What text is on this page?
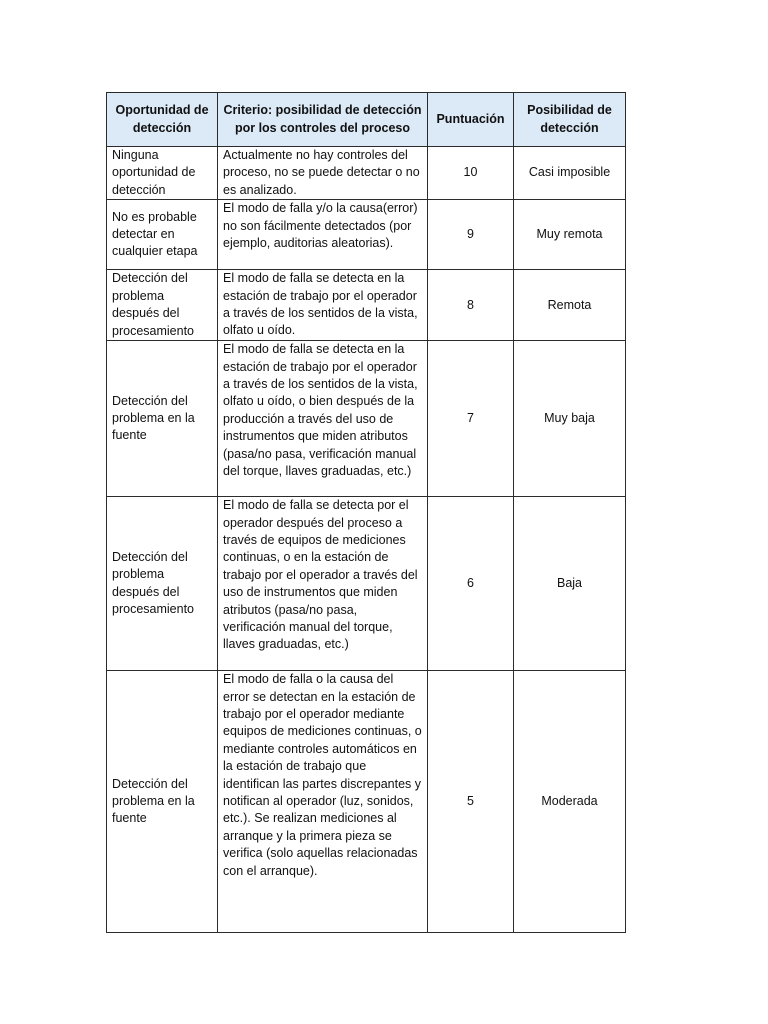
Oportunidad de detección	Criterio: posibilidad de detección por los controles del proceso	Puntuación	Posibilidad de detección
Ninguna oportunidad de detección	Actualmente no hay controles del proceso, no se puede detectar o no es analizado.	10	Casi imposible
No es probable detectar en cualquier etapa	El modo de falla y/o la causa(error) no son fácilmente detectados (por ejemplo, auditorias aleatorias).	9	Muy remota
Detección del problema después del procesamiento	El modo de falla se detecta en la estación de trabajo por el operador a través de los sentidos de la vista, olfato u oído.	8	Remota
Detección del problema en la fuente	El modo de falla se detecta en la estación de trabajo por el operador a través de los sentidos de la vista, olfato u oído, o bien después de la producción a través del uso de instrumentos que miden atributos (pasa/no pasa, verificación manual del torque, llaves graduadas, etc.)	7	Muy baja
Detección del problema después del procesamiento	El modo de falla se detecta por el operador después del proceso a través de equipos de mediciones continuas, o en la estación de trabajo por el operador a través del uso de instrumentos que miden atributos (pasa/no pasa, verificación manual del torque, llaves graduadas, etc.)	6	Baja
Detección del problema en la fuente	El modo de falla o la causa del error se detectan en la estación de trabajo por el operador mediante equipos de mediciones continuas, o mediante controles automáticos en la estación de trabajo que identifican las partes discrepantes y notifican al operador (luz, sonidos, etc.). Se realizan mediciones al arranque y la primera pieza se verifica (solo aquellas relacionadas con el arranque).	5	Moderada
